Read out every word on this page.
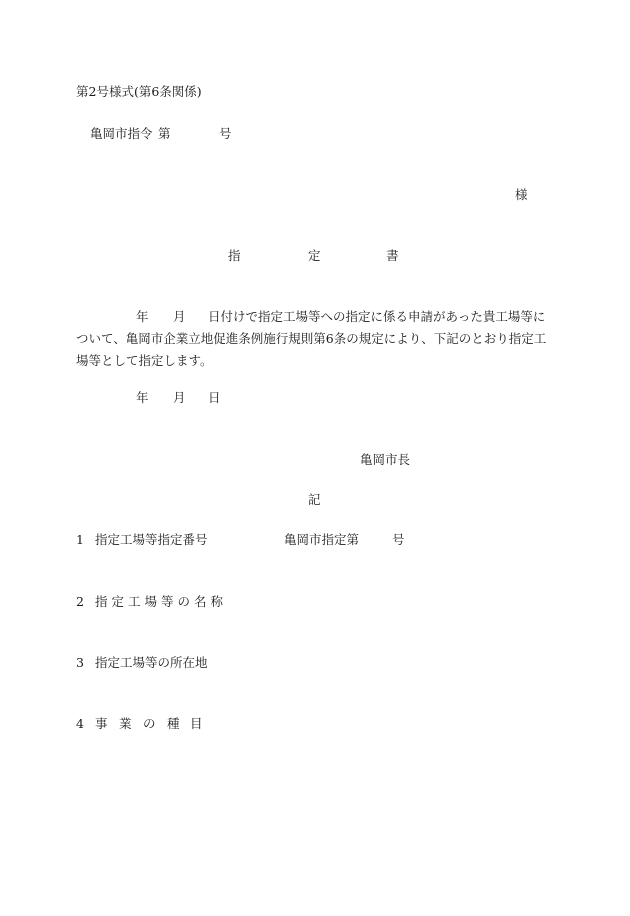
第2号様式(第6条関係)
亀岡市指令 第	号
様
指	定	書
年 月	日付けで指定工場等への指定に係る申請があった貴工場等について、亀岡市企業立地促進条例施行規則第6条の規定により、下記のとおり指定工場等として指定します。
年 月 日
亀岡市長
記
1 指定工場等指定番号	亀岡市指定第	号
2 指定工場等の名称
3 指定工場等の所在地
4 事 業 の 種 目
